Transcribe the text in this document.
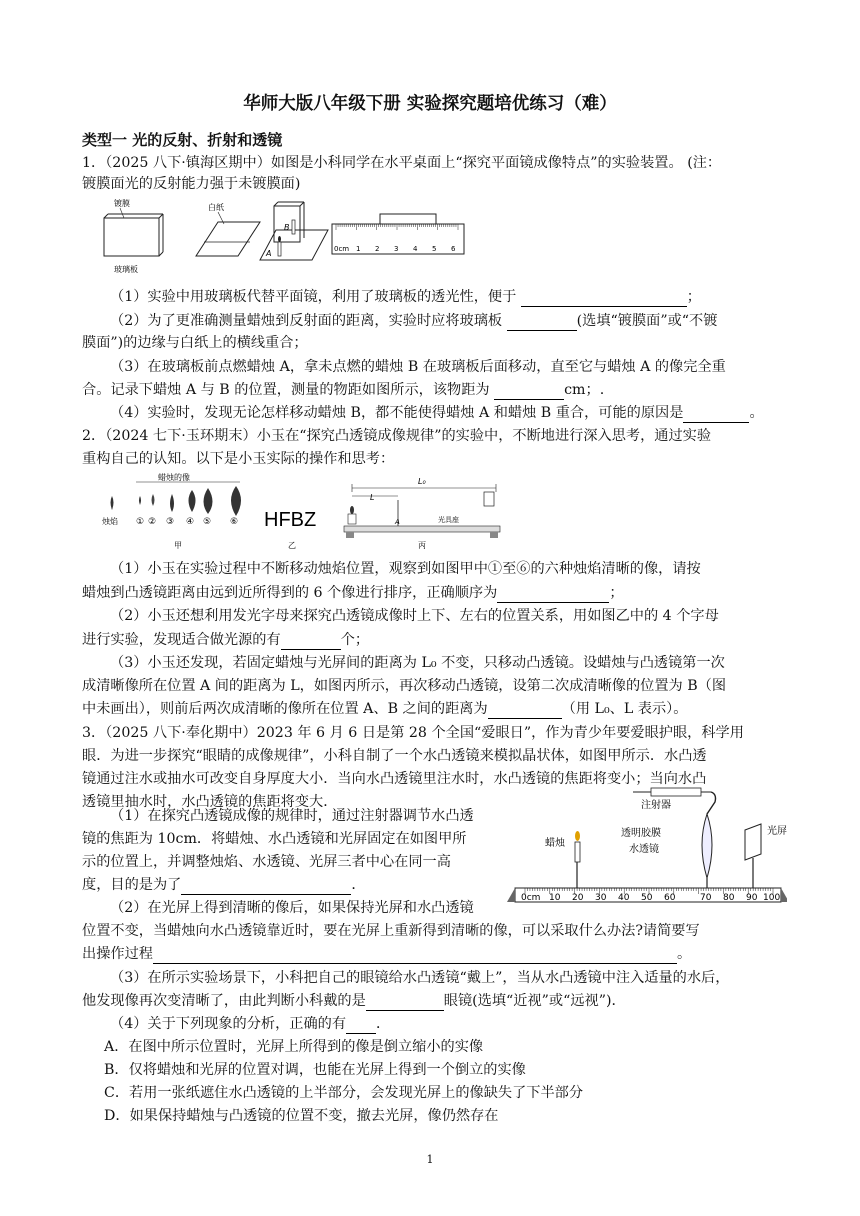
华师大版八年级下册 实验探究题培优练习（难）
类型一 光的反射、折射和透镜
1．（2025 八下·镇海区期中）如图是小科同学在水平桌面上“探究平面镜成像特点”的实验装置。 (注：
镀膜面光的反射能力强于未镀膜面)
镀膜
玻璃板
白纸
B
A	0cm 1 2 3 4 5 6
（1）实验中用玻璃板代替平面镜，利用了玻璃板的透光性，便于	；
（2）为了更准确测量蜡烛到反射面的距离，实验时应将玻璃板	(选填“镀膜面”或“不镀
膜面”)的边缘与白纸上的横线重合；
（3）在玻璃板前点燃蜡烛 A，拿未点燃的蜡烛 B 在玻璃板后面移动，直至它与蜡烛 A 的像完全重
合。记录下蜡烛 A 与 B 的位置，测量的物距如图所示，该物距为	cm；.
（4）实验时，发现无论怎样移动蜡烛 B，都不能使得蜡烛 A 和蜡烛 B 重合，可能的原因是	。
2．（2024 七下·玉环期末）小玉在“探究凸透镜成像规律”的实验中，不断地进行深入思考，通过实验
重构自己的认知。以下是小玉实际的操作和思考：
蜡烛的像
烛焰 ① ② ③ ④ ⑤ ⑥
甲
HFBZ
乙
L₀
L
光具座
A
丙
（1）小玉在实验过程中不断移动烛焰位置，观察到如图甲中①至⑥的六种烛焰清晰的像，请按
蜡烛到凸透镜距离由远到近所得到的 6 个像进行排序，正确顺序为	；
（2）小玉还想利用发光字母来探究凸透镜成像时上下、左右的位置关系，用如图乙中的 4 个字母
进行实验，发现适合做光源的有	个；
（3）小玉还发现，若固定蜡烛与光屏间的距离为 L₀ 不变，只移动凸透镜。设蜡烛与凸透镜第一次
成清晰像所在位置 A 间的距离为 L，如图丙所示，再次移动凸透镜，设第二次成清晰像的位置为 B（图
中未画出），则前后两次成清晰的像所在位置 A、B 之间的距离为	（用 L₀、L 表示）。
3．（2025 八下·奉化期中）2023 年 6 月 6 日是第 28 个全国“爱眼日”，作为青少年要爱眼护眼，科学用
眼．为进一步探究“眼睛的成像规律”，小科自制了一个水凸透镜来模拟晶状体，如图甲所示．水凸透
镜通过注水或抽水可改变自身厚度大小．当向水凸透镜里注水时，水凸透镜的焦距将变小；当向水凸
透镜里抽水时，水凸透镜的焦距将变大．	注射器
透明胶膜
水透镜
蜡烛
光屏
0cm 10 20 30 40 50 60	70 80 90 100
（1）在探究凸透镜成像的规律时，通过注射器调节水凸透
镜的焦距为 10cm．将蜡烛、水凸透镜和光屏固定在如图甲所
示的位置上，并调整烛焰、水透镜、光屏三者中心在同一高
度，目的是为了	．
（2）在光屏上得到清晰的像后，如果保持光屏和水凸透镜
位置不变，当蜡烛向水凸透镜靠近时，要在光屏上重新得到清晰的像，可以采取什么办法?请简要写
出操作过程	。
（3）在所示实验场景下，小科把自己的眼镜给水凸透镜“戴上”，当从水凸透镜中注入适量的水后，
他发现像再次变清晰了，由此判断小科戴的是	眼镜(选填“近视”或“远视”)．
（4）关于下列现象的分析，正确的有 ．
A．在图中所示位置时，光屏上所得到的像是倒立缩小的实像
B．仅将蜡烛和光屏的位置对调，也能在光屏上得到一个倒立的实像
C．若用一张纸遮住水凸透镜的上半部分，会发现光屏上的像缺失了下半部分
D．如果保持蜡烛与凸透镜的位置不变，撤去光屏，像仍然存在
1
